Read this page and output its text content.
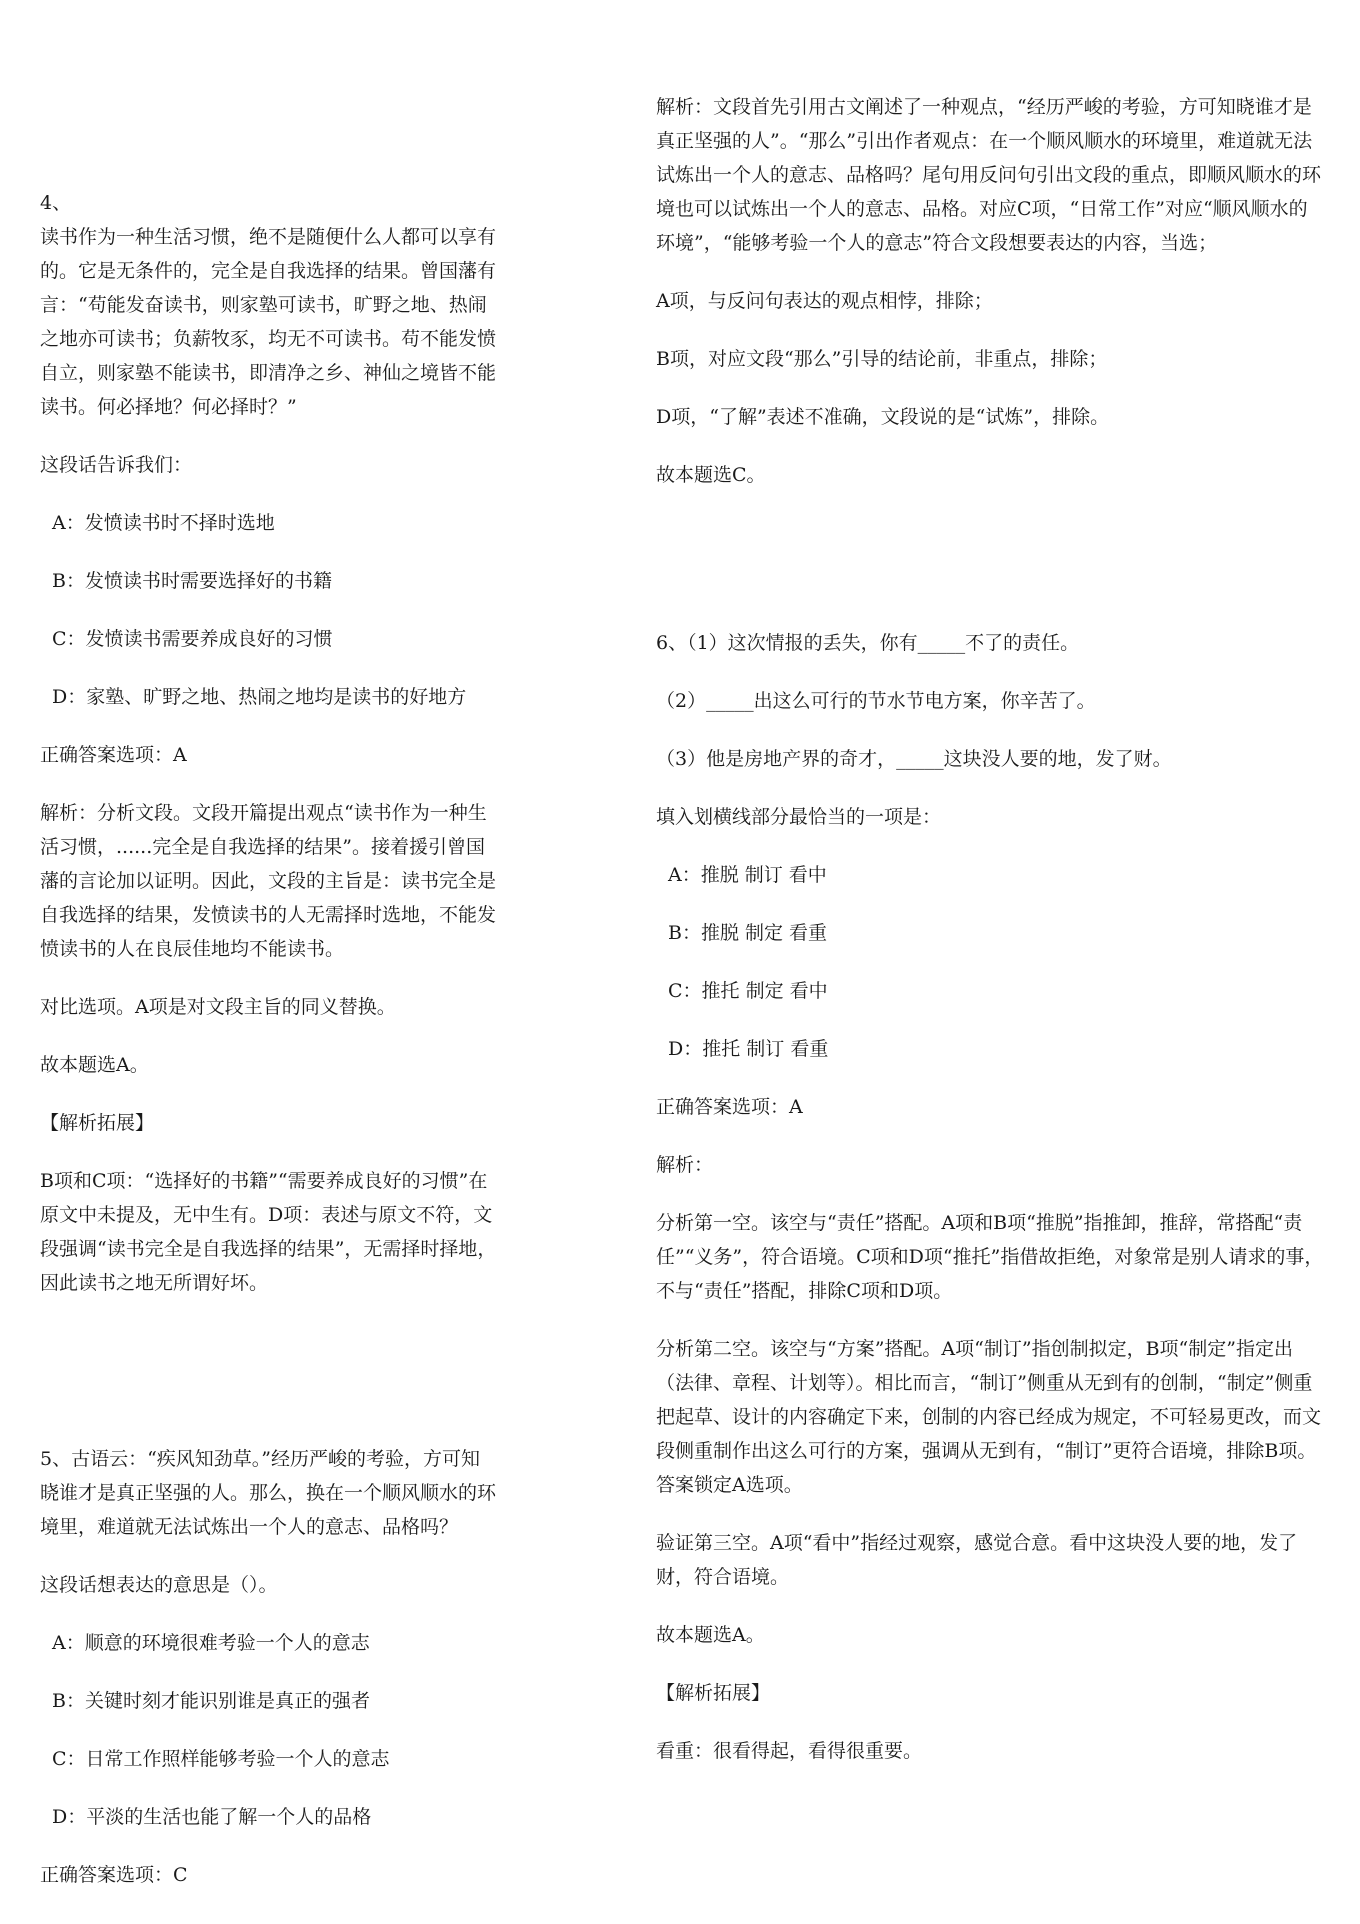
4、

读书作为一种生活习惯，绝不是随便什么人都可以享有的。它是无条件的，完全是自我选择的结果。曾国藩有言：“苟能发奋读书，则家塾可读书，旷野之地、热闹之地亦可读书；负薪牧豕，均无不可读书。苟不能发愤自立，则家塾不能读书，即清净之乡、神仙之境皆不能读书。何必择地？何必择时？”

这段话告诉我们：

A：发愤读书时不择时选地

B：发愤读书时需要选择好的书籍

C：发愤读书需要养成良好的习惯

D：家塾、旷野之地、热闹之地均是读书的好地方

正确答案选项：A

解析：分析文段。文段开篇提出观点“读书作为一种生活习惯，......完全是自我选择的结果”。接着援引曾国藩的言论加以证明。因此，文段的主旨是：读书完全是自我选择的结果，发愤读书的人无需择时选地，不能发愤读书的人在良辰佳地均不能读书。

对比选项。A项是对文段主旨的同义替换。

故本题选A。

【解析拓展】

B项和C项：“选择好的书籍”“需要养成良好的习惯”在原文中未提及，无中生有。D项：表述与原文不符，文段强调“读书完全是自我选择的结果”，无需择时择地，因此读书之地无所谓好坏。

5、古语云：“疾风知劲草。”经历严峻的考验，方可知晓谁才是真正坚强的人。那么，换在一个顺风顺水的环境里，难道就无法试炼出一个人的意志、品格吗？

这段话想表达的意思是（）。

A：顺意的环境很难考验一个人的意志

B：关键时刻才能识别谁是真正的强者

C：日常工作照样能够考验一个人的意志

D：平淡的生活也能了解一个人的品格

正确答案选项：C

解析：文段首先引用古文阐述了一种观点，“经历严峻的考验，方可知晓谁才是真正坚强的人”。“那么”引出作者观点：在一个顺风顺水的环境里，难道就无法试炼出一个人的意志、品格吗？尾句用反问句引出文段的重点，即顺风顺水的环境也可以试炼出一个人的意志、品格。对应C项，“日常工作”对应“顺风顺水的环境”，“能够考验一个人的意志”符合文段想要表达的内容，当选；

A项，与反问句表达的观点相悖，排除；

B项，对应文段“那么”引导的结论前，非重点，排除；

D项，“了解”表述不准确，文段说的是“试炼”，排除。

故本题选C。

6、（1）这次情报的丢失，你有_____不了的责任。

（2）_____出这么可行的节水节电方案，你辛苦了。

（3）他是房地产界的奇才，_____这块没人要的地，发了财。

填入划横线部分最恰当的一项是：

A：推脱 制订 看中

B：推脱 制定 看重

C：推托 制定 看中

D：推托 制订 看重

正确答案选项：A

解析：

分析第一空。该空与“责任”搭配。A项和B项“推脱”指推卸，推辞，常搭配“责任”“义务”，符合语境。C项和D项“推托”指借故拒绝，对象常是别人请求的事，不与“责任”搭配，排除C项和D项。

分析第二空。该空与“方案”搭配。A项“制订”指创制拟定，B项“制定”指定出（法律、章程、计划等）。相比而言，“制订”侧重从无到有的创制，“制定”侧重把起草、设计的内容确定下来，创制的内容已经成为规定，不可轻易更改，而文段侧重制作出这么可行的方案，强调从无到有，“制订”更符合语境，排除B项。答案锁定A选项。

验证第三空。A项“看中”指经过观察，感觉合意。看中这块没人要的地，发了财，符合语境。

故本题选A。

【解析拓展】

看重：很看得起，看得很重要。
